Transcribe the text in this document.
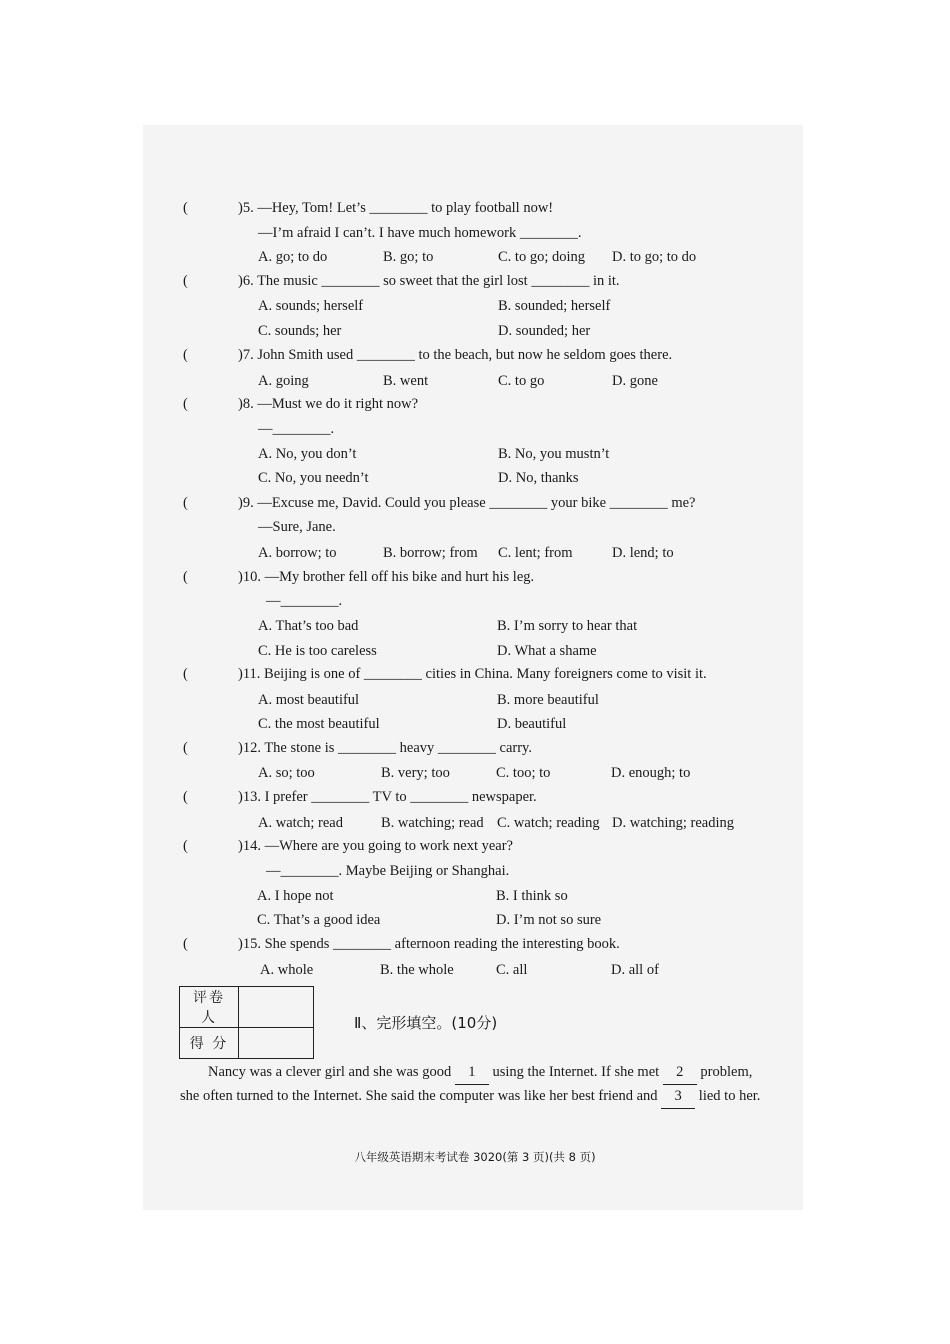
(	)5. —Hey, Tom! Let’s ________ to play football now!
—I’m afraid I can’t. I have much homework ________.
A. go; to do	B. go; to	C. to go; doing D. to go; to do
(	)6. The music ________ so sweet that the girl lost ________ in it.
A. sounds; herself	B. sounded; herself
C. sounds; her	D. sounded; her
(	)7. John Smith used ________ to the beach, but now he seldom goes there.
A. going	B. went	C. to go	D. gone
(	)8. —Must we do it right now?
—________.
A. No, you don’t	B. No, you mustn’t
C. No, you needn’t	D. No, thanks
(	)9. —Excuse me, David. Could you please ________ your bike ________ me?
—Sure, Jane.
A. borrow; to	B. borrow; from C. lent; from	D. lend; to
(	)10. —My brother fell off his bike and hurt his leg.
—________.
A. That’s too bad	B. I’m sorry to hear that
C. He is too careless	D. What a shame
(	)11. Beijing is one of ________ cities in China. Many foreigners come to visit it.
A. most beautiful	B. more beautiful
C. the most beautiful	D. beautiful
(	)12. The stone is ________ heavy ________ carry.
A. so; too	B. very; too	C. too; to	D. enough; to
(	)13. I prefer ________ TV to ________ newspaper.
A. watch; read	B. watching; read C. watch; reading D. watching; reading
(	)14. —Where are you going to work next year?
—________. Maybe Beijing or Shanghai.
A. I hope not	B. I think so
C. That’s a good idea	D. I’m not so sure
(	)15. She spends ________ afternoon reading the interesting book.
A. whole	B. the whole	C. all	D. all of
评卷人	
得 分	
Ⅱ、完形填空。(10分)
Nancy was a clever girl and she was good 1 using the Internet. If she met 2 problem, she often turned to the Internet. She said the computer was like her best friend and 3 lied to her.
八年级英语期末考试卷 3020(第 3 页)(共 8 页)
